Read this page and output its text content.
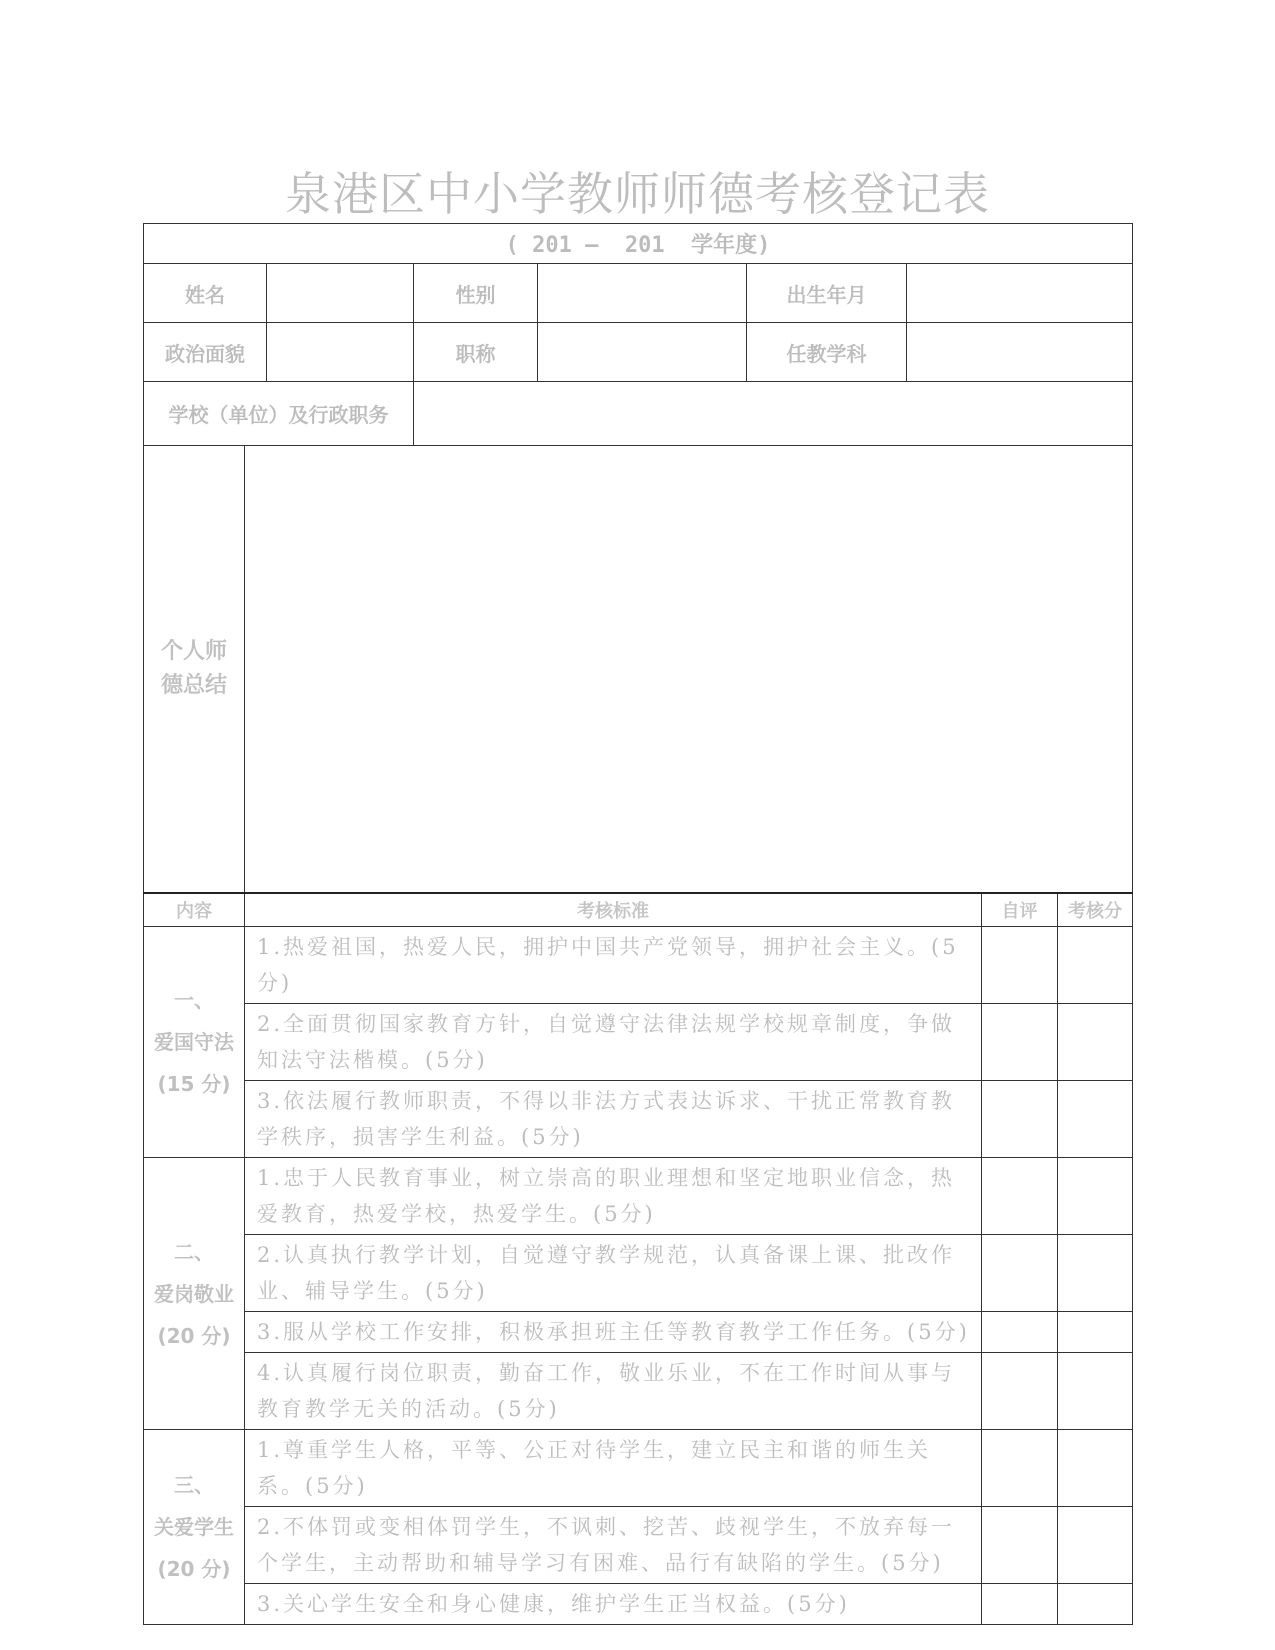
泉港区中小学教师师德考核登记表
( 201 —  201  学年度)								
姓名			性别		出生年月			
政治面貌			职称		任教学科			
学校（单位）及行政职务								
个人师德总结								
内容	考核标准						自评	考核分

一、
爱国守法
(15 分)	1.热爱祖国，热爱人民，拥护中国共产党领导，拥护社会主义。(5分)							
	2.全面贯彻国家教育方针，自觉遵守法律法规学校规章制度，争做知法守法楷模。(5分)							
	3.依法履行教师职责，不得以非法方式表达诉求、干扰正常教育教学秩序，损害学生利益。(5分)							

二、
爱岗敬业
(20 分)	1.忠于人民教育事业，树立崇高的职业理想和坚定地职业信念，热爱教育，热爱学校，热爱学生。(5分)							
	2.认真执行教学计划，自觉遵守教学规范，认真备课上课、批改作业、辅导学生。(5分)							
	3.服从学校工作安排，积极承担班主任等教育教学工作任务。(5分)							
	4.认真履行岗位职责，勤奋工作，敬业乐业，不在工作时间从事与教育教学无关的活动。(5分)							

三、
关爱学生
(20 分)	1.尊重学生人格，平等、公正对待学生，建立民主和谐的师生关系。(5分)							
	2.不体罚或变相体罚学生，不讽刺、挖苦、歧视学生，不放弃每一个学生，主动帮助和辅导学习有困难、品行有缺陷的学生。(5分)							
	3.关心学生安全和身心健康，维护学生正当权益。(5分)							
